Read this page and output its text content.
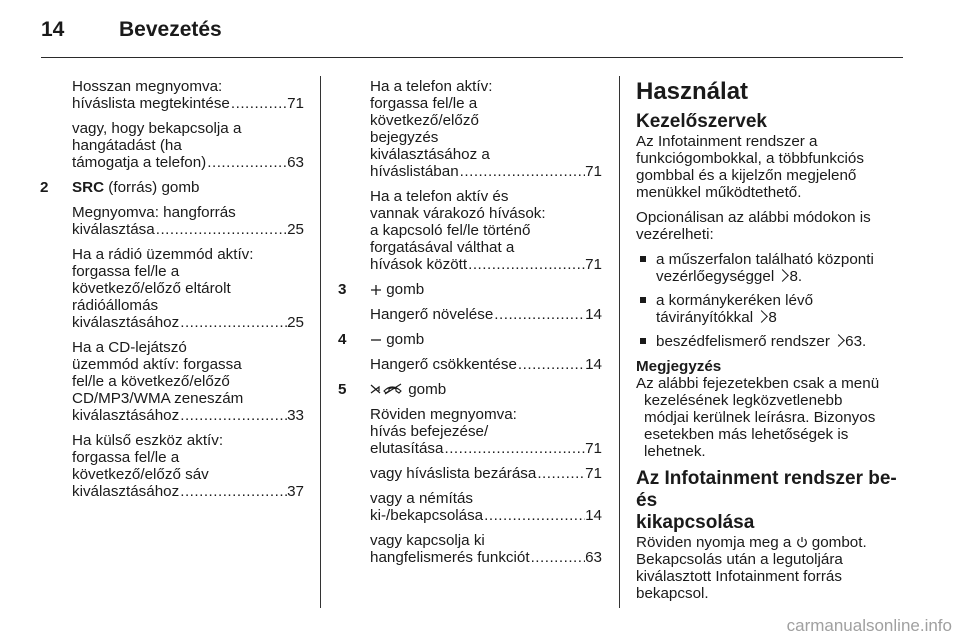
14	Bevezetés
Hosszan megnyomva:
híváslista megtekintése .....	71
vagy, hogy bekapcsolja a
hangátadást (ha
támogatja a telefon) .....	63
2 SRC (forrás) gomb
Megnyomva: hangforrás
kiválasztása .....	25
Ha a rádió üzemmód aktív:
forgassa fel/le a
következő/előző eltárolt
rádióállomás
kiválasztásához .....	25
Ha a CD-lejátszó
üzemmód aktív: forgassa
fel/le a következő/előző
CD/MP3/WMA zeneszám
kiválasztásához .....	33
Ha külső eszköz aktív:
forgassa fel/le a
következő/előző sáv
kiválasztásához .....	37
Ha a telefon aktív:
forgassa fel/le a
következő/előző
bejegyzés
kiválasztásához a
híváslistában .....	71
Ha a telefon aktív és
vannak várakozó hívások:
a kapcsoló fel/le történő
forgatásával válthat a
hívások között .....	71
3	gomb
Hangerő növelése .....	14
4	gomb
Hangerő csökkentése .....	14
5	gomb
Röviden megnyomva:
hívás befejezése/
elutasítása .....	71
vagy híváslista bezárása .....	71
vagy a némítás
ki-/bekapcsolása .....	14
vagy kapcsolja ki
hangfelismerés funkciót .....	63
Használat
Kezelőszervek

Az Infotainment rendszer a
funkciógombokkal, a többfunkciós
gombbal és a kijelzőn megjelenő
menükkel működtethető.

Opcionálisan az alábbi módokon is
vezérelheti:

a műszerfalon található központi
vezérlőegységgel 8.
a kormánykeréken lévő
távirányítókkal 8
beszédfelismerő rendszer 63.
Megjegyzés
Az alábbi fejezetekben csak a menü
kezelésének legközvetlenebb
módjai kerülnek leírásra. Bizonyos
esetekben más lehetőségek is
lehetnek.
Az Infotainment rendszer be- és
kikapcsolása

Röviden nyomja meg a  gombot.
Bekapcsolás után a legutoljára
kiválasztott Infotainment forrás
bekapcsol.

carmanualsonline.info
